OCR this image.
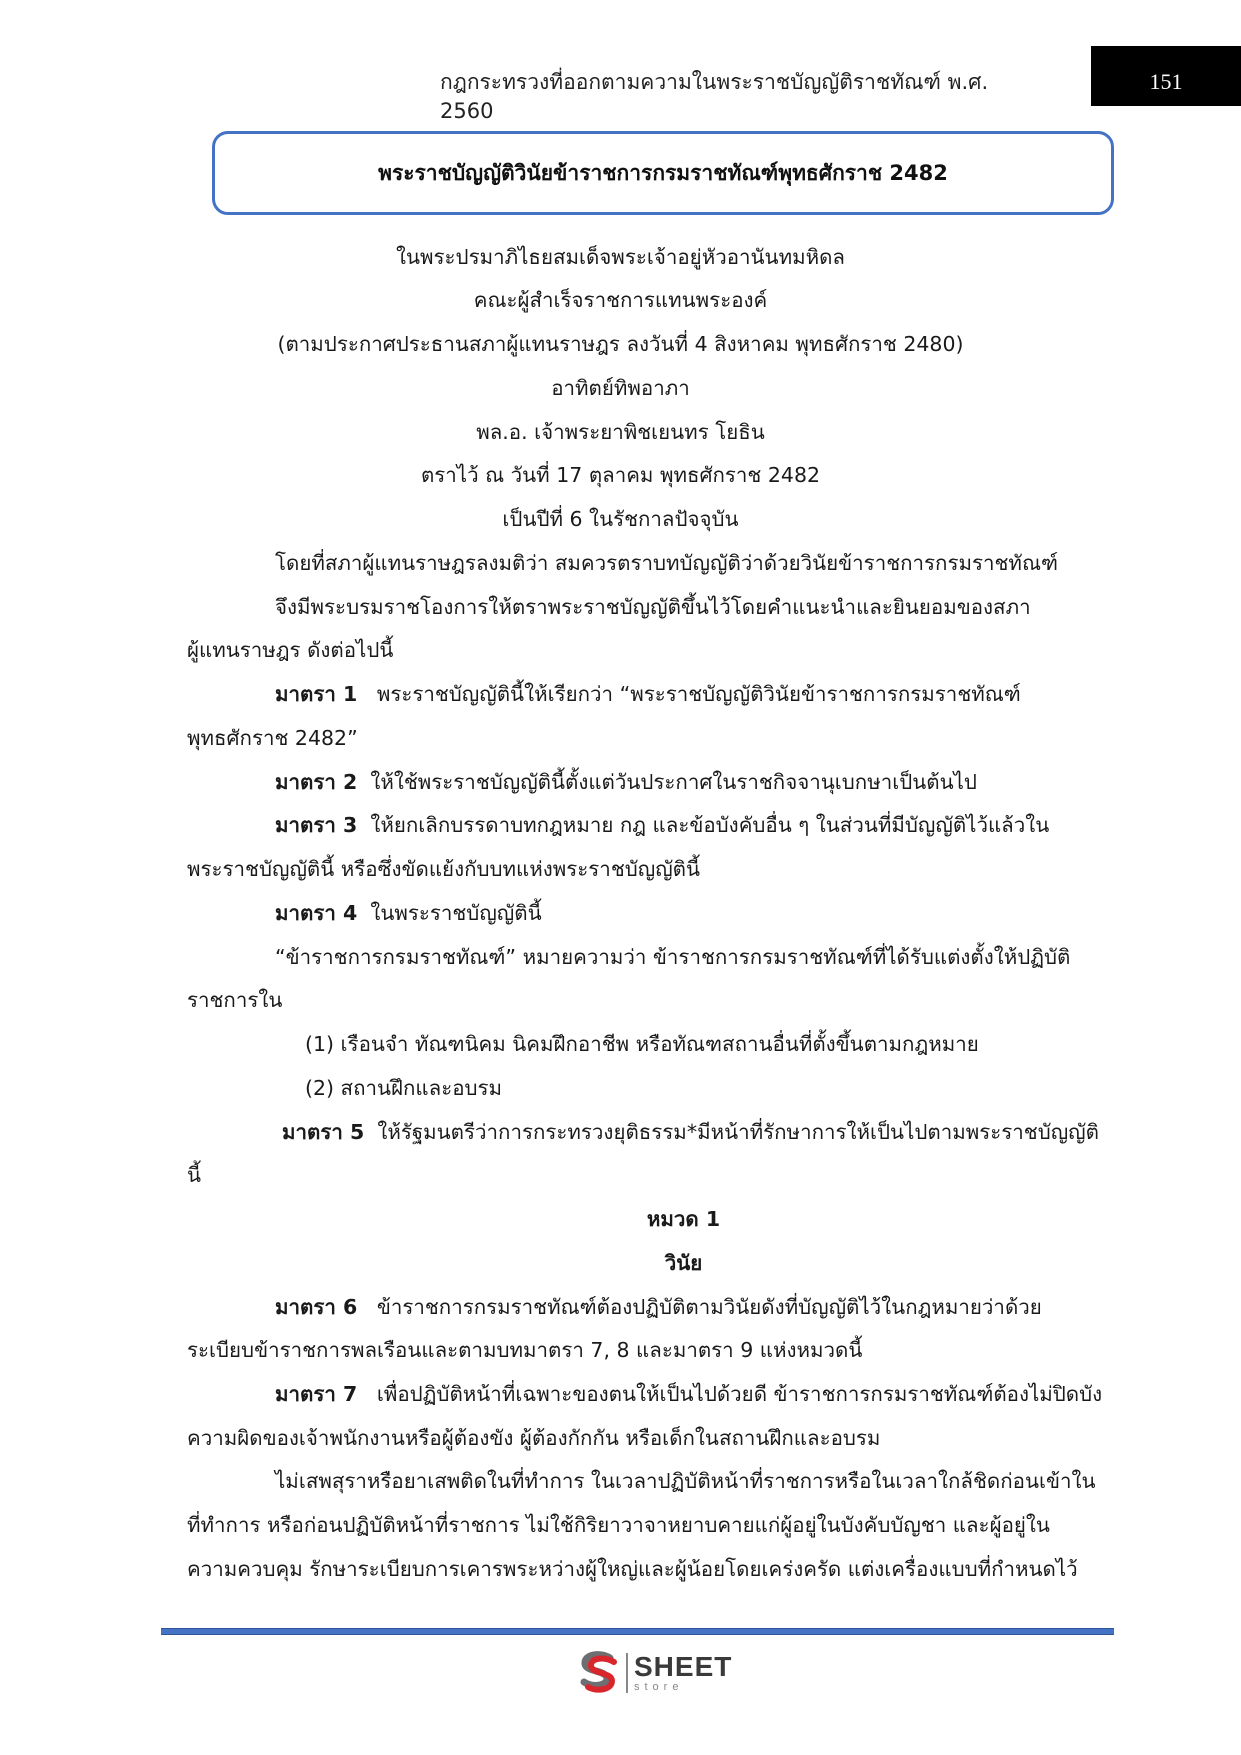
กฎกระทรวงที่ออกตามความในพระราชบัญญัติราชทัณฑ์ พ.ศ. 2560
151
พระราชบัญญัติวินัยข้าราชการกรมราชทัณฑ์พุทธศักราช 2482
ในพระปรมาภิไธยสมเด็จพระเจ้าอยู่หัวอานันทมหิดล
คณะผู้สำเร็จราชการแทนพระองค์
(ตามประกาศประธานสภาผู้แทนราษฎร ลงวันที่ 4 สิงหาคม พุทธศักราช 2480)
อาทิตย์ทิพอาภา
พล.อ. เจ้าพระยาพิชเยนทร โยธิน
ตราไว้ ณ วันที่ 17 ตุลาคม พุทธศักราช 2482
เป็นปีที่ 6 ในรัชกาลปัจจุบัน
โดยที่สภาผู้แทนราษฎรลงมติว่า สมควรตราบทบัญญัติว่าด้วยวินัยข้าราชการกรมราชทัณฑ์
จึงมีพระบรมราชโองการให้ตราพระราชบัญญัติขึ้นไว้โดยคำแนะนำและยินยอมของสภา
ผู้แทนราษฎร ดังต่อไปนี้
มาตรา 1 พระราชบัญญัตินี้ให้เรียกว่า “พระราชบัญญัติวินัยข้าราชการกรมราชทัณฑ์
พุทธศักราช 2482”
มาตรา 2 ให้ใช้พระราชบัญญัตินี้ตั้งแต่วันประกาศในราชกิจจานุเบกษาเป็นต้นไป
มาตรา 3 ให้ยกเลิกบรรดาบทกฎหมาย กฎ และข้อบังคับอื่น ๆ ในส่วนที่มีบัญญัติไว้แล้วใน
พระราชบัญญัตินี้ หรือซึ่งขัดแย้งกับบทแห่งพระราชบัญญัตินี้
มาตรา 4 ในพระราชบัญญัตินี้
“ข้าราชการกรมราชทัณฑ์” หมายความว่า ข้าราชการกรมราชทัณฑ์ที่ได้รับแต่งตั้งให้ปฏิบัติ
ราชการใน
(1) เรือนจำ ทัณฑนิคม นิคมฝึกอาชีพ หรือทัณฑสถานอื่นที่ตั้งขึ้นตามกฎหมาย
(2) สถานฝึกและอบรม
มาตรา 5 ให้รัฐมนตรีว่าการกระทรวงยุติธรรม*มีหน้าที่รักษาการให้เป็นไปตามพระราชบัญญัติ
นี้
หมวด 1
วินัย
มาตรา 6 ข้าราชการกรมราชทัณฑ์ต้องปฏิบัติตามวินัยดังที่บัญญัติไว้ในกฎหมายว่าด้วย
ระเบียบข้าราชการพลเรือนและตามบทมาตรา 7, 8 และมาตรา 9 แห่งหมวดนี้
มาตรา 7 เพื่อปฏิบัติหน้าที่เฉพาะของตนให้เป็นไปด้วยดี ข้าราชการกรมราชทัณฑ์ต้องไม่ปิดบัง
ความผิดของเจ้าพนักงานหรือผู้ต้องขัง ผู้ต้องกักกัน หรือเด็กในสถานฝึกและอบรม
ไม่เสพสุราหรือยาเสพติดในที่ทำการ ในเวลาปฏิบัติหน้าที่ราชการหรือในเวลาใกล้ชิดก่อนเข้าใน
ที่ทำการ หรือก่อนปฏิบัติหน้าที่ราชการ ไม่ใช้กิริยาวาจาหยาบคายแก่ผู้อยู่ในบังคับบัญชา และผู้อยู่ใน
ความควบคุม รักษาระเบียบการเคารพระหว่างผู้ใหญ่และผู้น้อยโดยเคร่งครัด แต่งเครื่องแบบที่กำหนดไว้
SHEET
store
